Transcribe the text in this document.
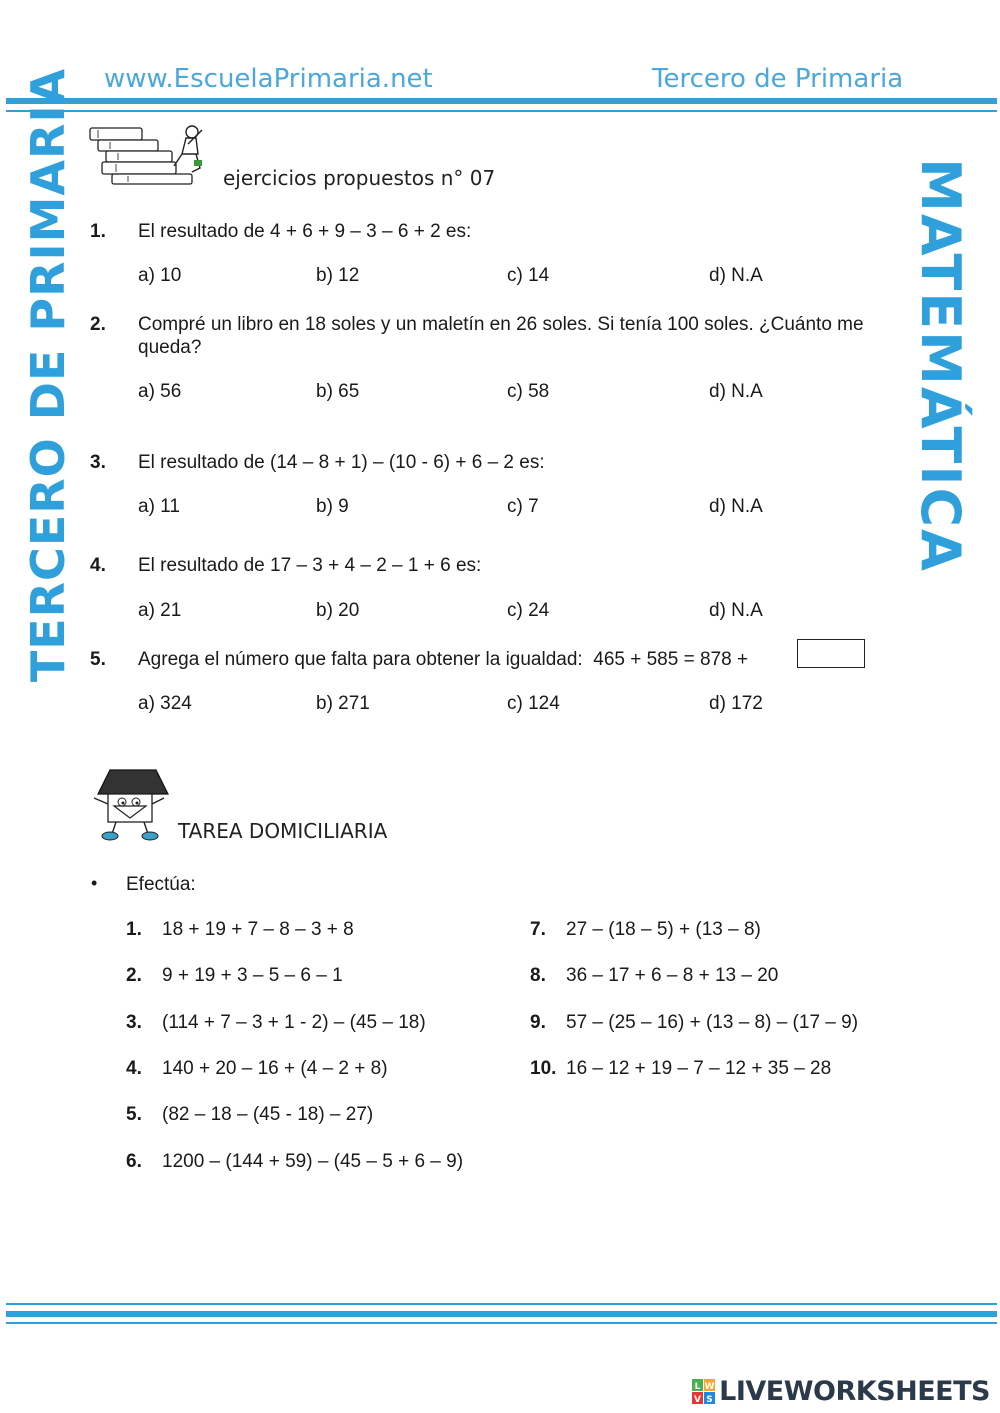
www.EscuelaPrimaria.net	Tercero de Primaria
TERCERO DE PRIMARIA	MATEMÁTICA
ejercicios propuestos n° 07
1. El resultado de 4 + 6 + 9 – 3 – 6 + 2 es:
a) 10	b) 12	c) 14	d) N.A
2. Compré un libro en 18 soles y un maletín en 26 soles. Si tenía 100 soles. ¿Cuánto me
queda?
a) 56	b) 65	c) 58	d) N.A
3. El resultado de (14 – 8 + 1) – (10 - 6) + 6 – 2 es:
a) 11	b) 9	c) 7	d) N.A
4. El resultado de 17 – 3 + 4 – 2 – 1 + 6 es:
a) 21	b) 20	c) 24	d) N.A
5. Agrega el número que falta para obtener la igualdad:  465 + 585 = 878 +
a) 324	b) 271	c) 124	d) 172
TAREA DOMICILIARIA
• Efectúa:
1. 18 + 19 + 7 – 8 – 3 + 8
2. 9 + 19 + 3 – 5 – 6 – 1
3. (114 + 7 – 3 + 1 - 2) – (45 – 18)
4. 140 + 20 – 16 + (4 – 2 + 8)
5. (82 – 18 – (45 - 18) – 27)
6. 1200 – (144 + 59) – (45 – 5 + 6 – 9)
7. 27 – (18 – 5) + (13 – 8)
8. 36 – 17 + 6 – 8 + 13 – 20
9. 57 – (25 – 16) + (13 – 8) – (17 – 9)
10. 16 – 12 + 19 – 7 – 12 + 35 – 28
L W
V S LIVEWORKSHEETS
